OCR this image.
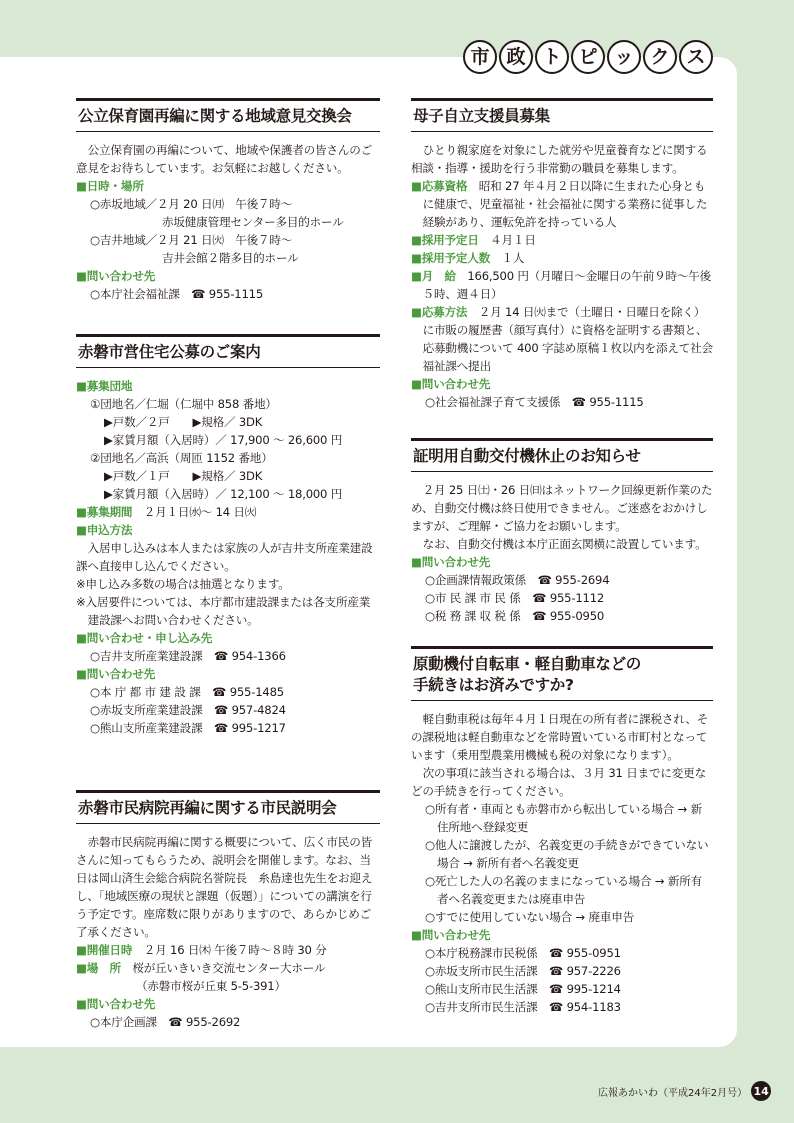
市 政 ト ピ ッ ク ス
公立保育園再編に関する地域意見交換会
公立保育園の再編について、地域や保護者の皆さんのご意見をお待ちしています。お気軽にお越しください。
■日時・場所
○赤坂地域／２月 20 日㈪　午後７時～
赤坂健康管理センター多目的ホール
○吉井地域／２月 21 日㈫　午後７時～
吉井会館２階多目的ホール
■問い合わせ先
○本庁社会福祉課　☎ 955-1115
赤磐市営住宅公募のご案内
■募集団地
①団地名／仁堀（仁堀中 858 番地）
▶戸数／２戸　　▶規格／ 3DK
▶家賃月額（入居時）／ 17,900 ～ 26,600 円
②団地名／高浜（周匝 1152 番地）
▶戸数／１戸　　▶規格／ 3DK
▶家賃月額（入居時）／ 12,100 ～ 18,000 円
■募集期間　 ２月１日㈬～ 14 日㈫
■申込方法
入居申し込みは本人または家族の人が吉井支所産業建設課へ直接申し込んでください。
※申し込み多数の場合は抽選となります。
※入居要件については、本庁都市建設課または各支所産業建設課へお問い合わせください。
■問い合わせ・申し込み先
○吉井支所産業建設課　☎ 954-1366
■問い合わせ先
○本 庁 都 市 建 設 課　☎ 955-1485
○赤坂支所産業建設課　☎ 957-4824
○熊山支所産業建設課　☎ 995-1217
赤磐市民病院再編に関する市民説明会
赤磐市民病院再編に関する概要について、広く市民の皆さんに知ってもらうため、説明会を開催します。なお、当日は岡山済生会総合病院名誉院長　糸島達也先生をお迎えし、「地域医療の現状と課題（仮題）」についての講演を行う予定です。座席数に限りがありますので、あらかじめご了承ください。
■開催日時　 ２月 16 日㈭ 午後７時～８時 30 分
■場　所　 桜が丘いきいき交流センター大ホール
（赤磐市桜が丘東 5-5-391）
■問い合わせ先
○本庁企画課　☎ 955-2692
母子自立支援員募集
ひとり親家庭を対象にした就労や児童養育などに関する相談・指導・援助を行う非常勤の職員を募集します。
■応募資格　 昭和 27 年４月２日以降に生まれた心身ともに健康で、児童福祉・社会福祉に関する業務に従事した経験があり、運転免許を持っている人
■採用予定日　 ４月１日
■採用予定人数　 １人
■月　給　 166,500 円（月曜日～金曜日の午前９時～午後５時、週４日）
■応募方法　 ２月 14 日㈫まで（土曜日・日曜日を除く）に市販の履歴書（顔写真付）に資格を証明する書類と、応募動機について 400 字誌め原稿１枚以内を添えて社会福祉課へ提出
■問い合わせ先
○社会福祉課子育て支援係　☎ 955-1115
証明用自動交付機休止のお知らせ
２月 25 日㈯・26 日㈰はネットワーク回線更新作業のため、自動交付機は終日使用できません。ご迷惑をおかけしますが、ご理解・ご協力をお願いします。
なお、自動交付機は本庁正面玄関横に設置しています。
■問い合わせ先
○企画課情報政策係　☎ 955-2694
○市 民 課 市 民 係　☎ 955-1112
○税 務 課 収 税 係　☎ 955-0950
原動機付自転車・軽自動車などの
手続きはお済みですか?
軽自動車税は毎年４月１日現在の所有者に課税され、その課税地は軽自動車などを常時置いている市町村となっています（乗用型農業用機械も税の対象になります）。
次の事項に該当される場合は、３月 31 日までに変更などの手続きを行ってください。
○所有者・車両とも赤磐市から転出している場合 → 新住所地へ登録変更
○他人に譲渡したが、名義変更の手続きができていない場合 → 新所有者へ名義変更
○死亡した人の名義のままになっている場合 → 新所有者へ名義変更または廃車申告
○すでに使用していない場合 → 廃車申告
■問い合わせ先
○本庁税務課市民税係　☎ 955-0951
○赤坂支所市民生活課　☎ 957-2226
○熊山支所市民生活課　☎ 995-1214
○吉井支所市民生活課　☎ 954-1183
広報あかいわ（平成24年2月号） 14
